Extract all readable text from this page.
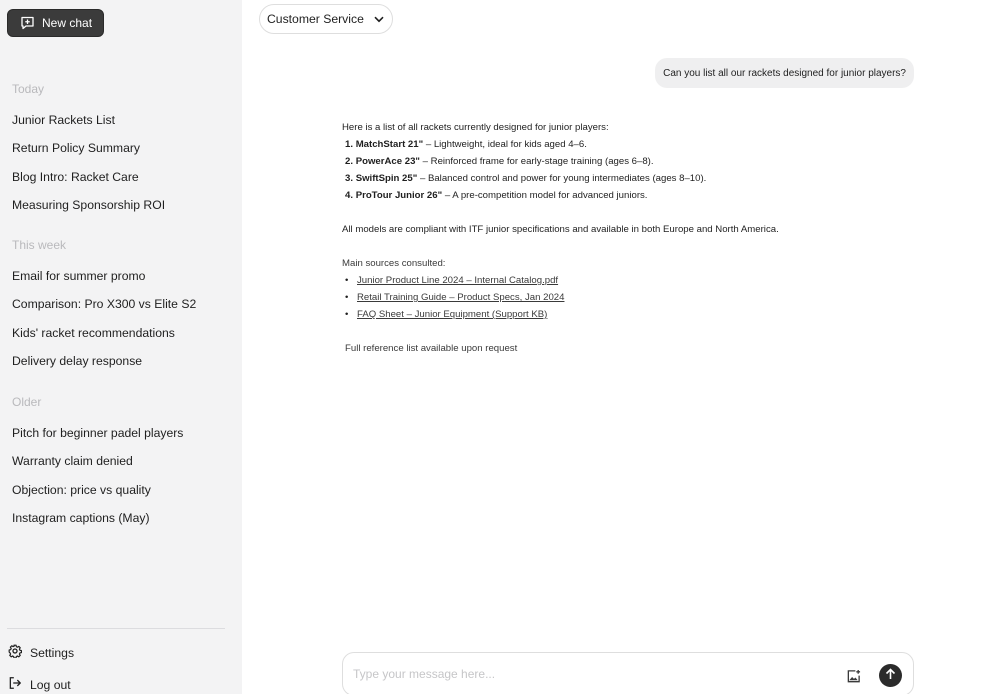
New chat
Today
Junior Rackets List
Return Policy Summary
Blog Intro: Racket Care
Measuring Sponsorship ROI
This week
Email for summer promo
Comparison: Pro X300 vs Elite S2
Kids' racket recommendations
Delivery delay response
Older
Pitch for beginner padel players
Warranty claim denied
Objection: price vs quality
Instagram captions (May)
Settings
Log out
Customer Service
Can you list all our rackets designed for junior players?
Here is a list of all rackets currently designed for junior players:
1. MatchStart 21" – Lightweight, ideal for kids aged 4–6.
2. PowerAce 23" – Reinforced frame for early-stage training (ages 6–8).
3. SwiftSpin 25" – Balanced control and power for young intermediates (ages 8–10).
4. ProTour Junior 26" – A pre-competition model for advanced juniors.
All models are compliant with ITF junior specifications and available in both Europe and North America.
Main sources consulted:
• Junior Product Line 2024 – Internal Catalog.pdf
• Retail Training Guide – Product Specs, Jan 2024
• FAQ Sheet – Junior Equipment (Support KB)
Full reference list available upon request
Type your message here...
